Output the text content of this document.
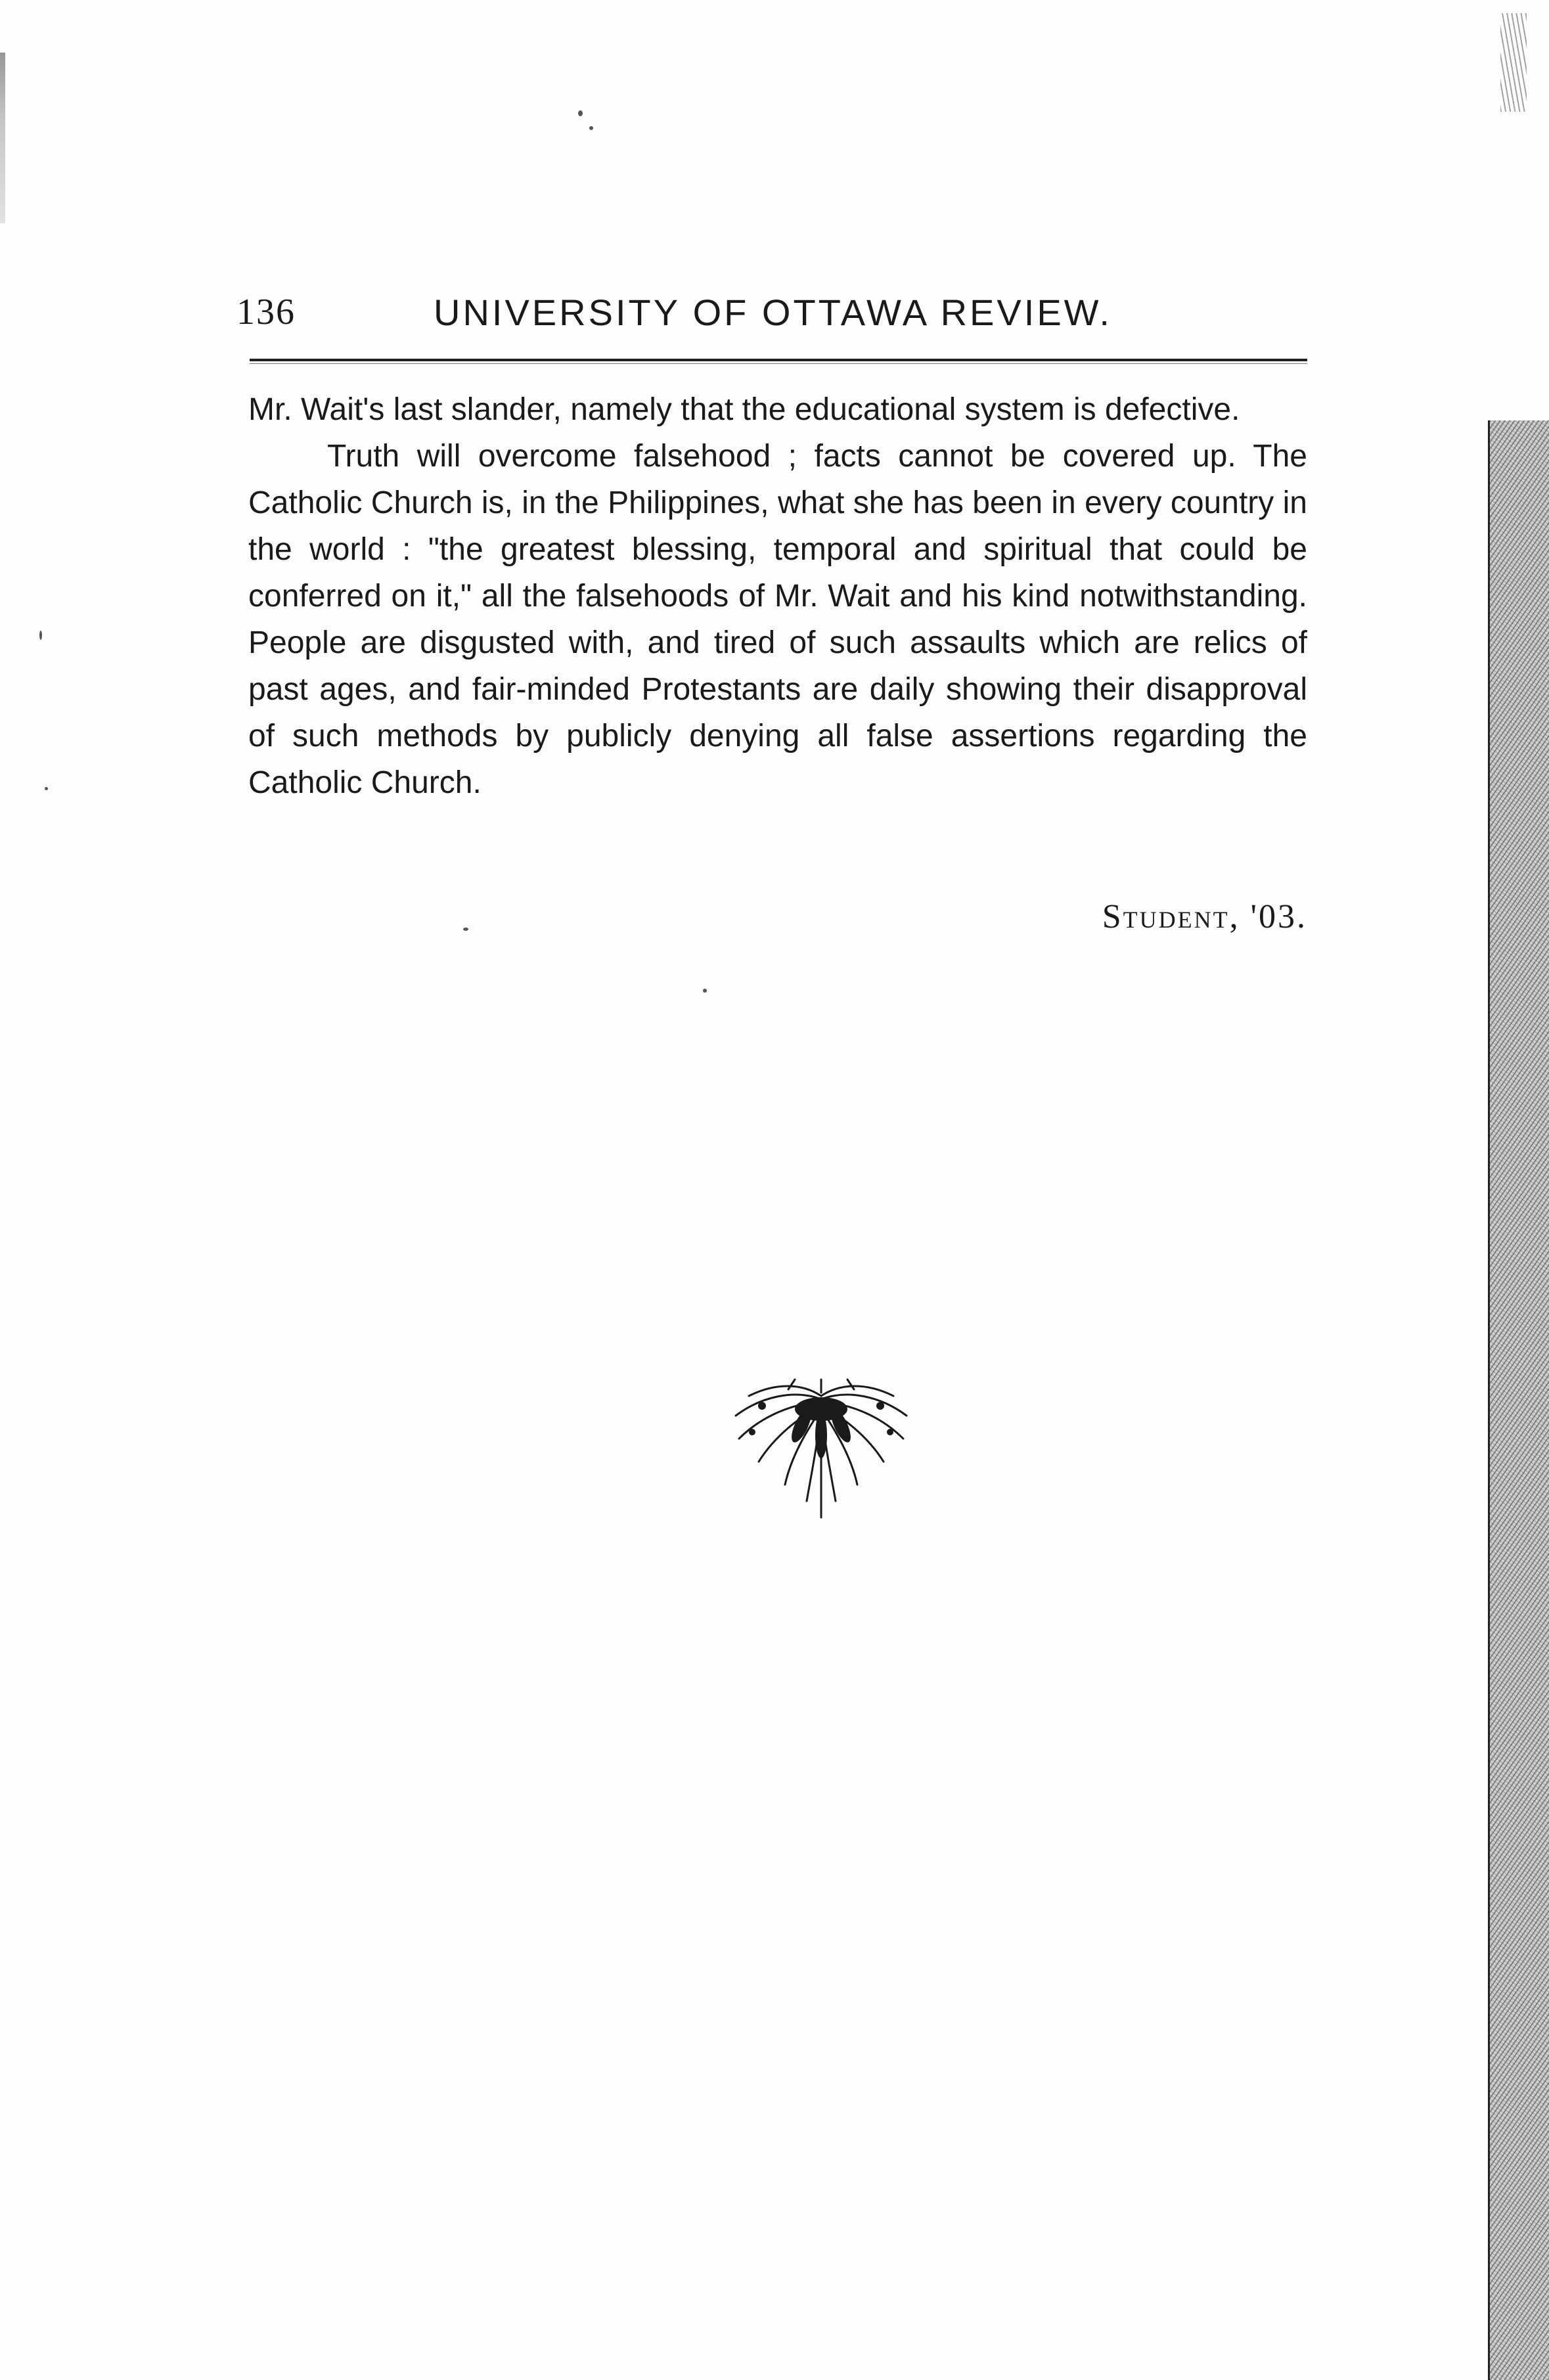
136	UNIVERSITY OF OTTAWA REVIEW.

Mr. Wait's last slander, namely that the educational system is defective.

Truth will overcome falsehood ; facts cannot be covered up. The Catholic Church is, in the Philippines, what she has been in every country in the world : "the greatest blessing, temporal and spiritual that could be conferred on it," all the falsehoods of Mr. Wait and his kind notwithstanding. People are disgusted with, and tired of such assaults which are relics of past ages, and fair-minded Protestants are daily showing their disapproval of such methods by publicly denying all false assertions regarding the Catholic Church.

Student, '03.
